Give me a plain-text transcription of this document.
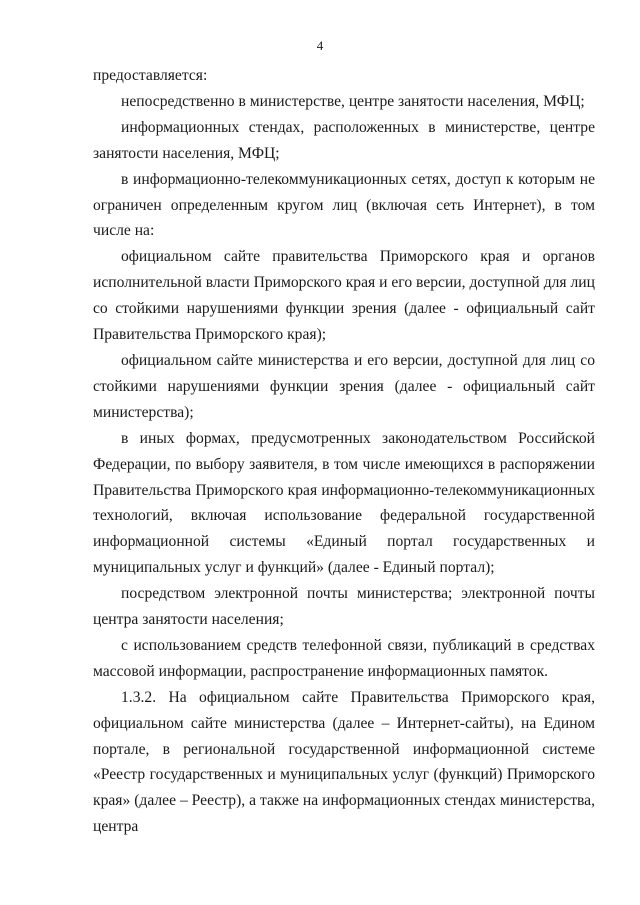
4

предоставляется:

непосредственно в министерстве, центре занятости населения, МФЦ;

информационных стендах, расположенных в министерстве, центре занятости населения, МФЦ;

в информационно-телекоммуникационных сетях, доступ к которым не ограничен определенным кругом лиц (включая сеть Интернет), в том числе на:

официальном сайте правительства Приморского края и органов исполнительной власти Приморского края и его версии, доступной для лиц со стойкими нарушениями функции зрения (далее - официальный сайт Правительства Приморского края);

официальном сайте министерства и его версии, доступной для лиц со стойкими нарушениями функции зрения (далее - официальный сайт министерства);

в иных формах, предусмотренных законодательством Российской Федерации, по выбору заявителя, в том числе имеющихся в распоряжении Правительства Приморского края информационно-телекоммуникационных технологий, включая использование федеральной государственной информационной системы «Единый портал государственных и муниципальных услуг и функций» (далее - Единый портал);

посредством электронной почты министерства; электронной почты центра занятости населения;

с использованием средств телефонной связи, публикаций в средствах массовой информации, распространение информационных памяток.

1.3.2. На официальном сайте Правительства Приморского края, официальном сайте министерства (далее – Интернет-сайты), на Едином портале, в региональной государственной информационной системе «Реестр государственных и муниципальных услуг (функций) Приморского края» (далее – Реестр), а также на информационных стендах министерства, центра
